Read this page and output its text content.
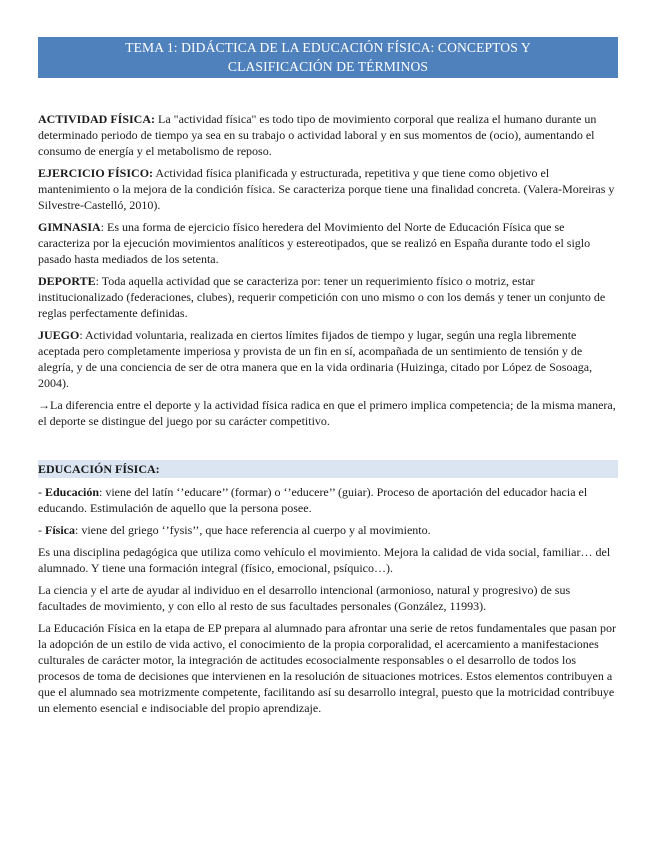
TEMA 1: DIDÁCTICA DE LA EDUCACIÓN FÍSICA: CONCEPTOS Y
CLASIFICACIÓN DE TÉRMINOS

ACTIVIDAD FÍSICA: La "actividad física" es todo tipo de movimiento corporal que realiza el humano durante un determinado periodo de tiempo ya sea en su trabajo o actividad laboral y en sus momentos de (ocio), aumentando el consumo de energía y el metabolismo de reposo.

EJERCICIO FÍSICO: Actividad física planificada y estructurada, repetitiva y que tiene como objetivo el mantenimiento o la mejora de la condición física. Se caracteriza porque tiene una finalidad concreta. (Valera-Moreiras y Silvestre-Castelló, 2010).

GIMNASIA: Es una forma de ejercicio físico heredera del Movimiento del Norte de Educación Física que se caracteriza por la ejecución movimientos analíticos y estereotipados, que se realizó en España durante todo el siglo pasado hasta mediados de los setenta.

DEPORTE: Toda aquella actividad que se caracteriza por: tener un requerimiento físico o motriz, estar institucionalizado (federaciones, clubes), requerir competición con uno mismo o con los demás y tener un conjunto de reglas perfectamente definidas.

JUEGO: Actividad voluntaria, realizada en ciertos límites fijados de tiempo y lugar, según una regla libremente aceptada pero completamente imperiosa y provista de un fin en sí, acompañada de un sentimiento de tensión y de alegría, y de una conciencia de ser de otra manera que en la vida ordinaria (Huizinga, citado por López de Sosoaga, 2004).

→La diferencia entre el deporte y la actividad física radica en que el primero implica competencia; de la misma manera, el deporte se distingue del juego por su carácter competitivo.

EDUCACIÓN FÍSICA:

- Educación: viene del latín ‘’educare’’ (formar) o ‘’educere’’ (guiar). Proceso de aportación del educador hacia el educando. Estimulación de aquello que la persona posee.

- Física: viene del griego ‘’fysis’’, que hace referencia al cuerpo y al movimiento.

Es una disciplina pedagógica que utiliza como vehículo el movimiento. Mejora la calidad de vida social, familiar… del alumnado. Y tiene una formación integral (físico, emocional, psíquico…).

La ciencia y el arte de ayudar al individuo en el desarrollo intencional (armonioso, natural y progresivo) de sus facultades de movimiento, y con ello al resto de sus facultades personales (González, 11993).

La Educación Física en la etapa de EP prepara al alumnado para afrontar una serie de retos fundamentales que pasan por la adopción de un estilo de vida activo, el conocimiento de la propia corporalidad, el acercamiento a manifestaciones culturales de carácter motor, la integración de actitudes ecosocialmente responsables o el desarrollo de todos los procesos de toma de decisiones que intervienen en la resolución de situaciones motrices. Estos elementos contribuyen a que el alumnado sea motrizmente competente, facilitando así su desarrollo integral, puesto que la motricidad contribuye un elemento esencial e indisociable del propio aprendizaje.
